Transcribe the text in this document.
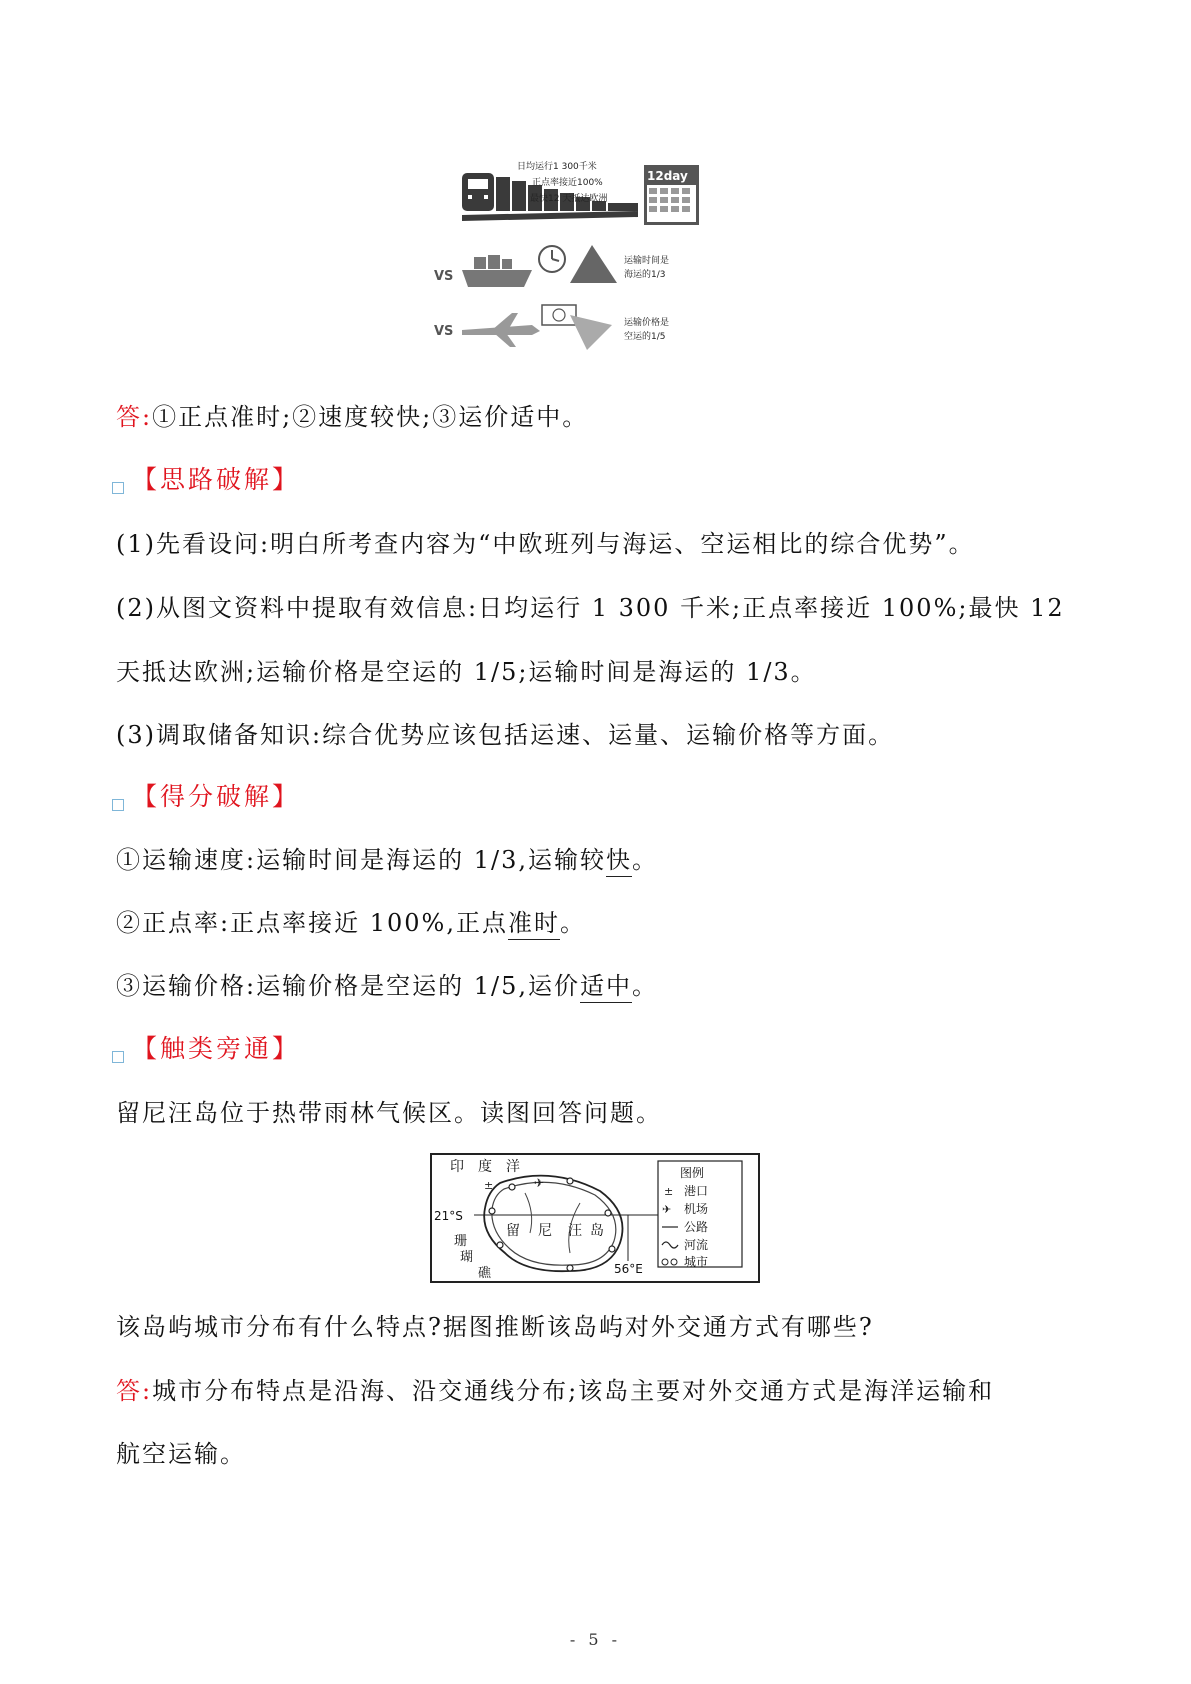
12day
日均运行1 300千米
正点率接近100%
最快12 天抵达欧洲
VS
运输时间是
海运的1/3
VS
运输价格是
空运的1/5
答:①正点准时;②速度较快;③运价适中。
【思路破解】
(1)先看设问:明白所考查内容为“中欧班列与海运、空运相比的综合优势”。
(2)从图文资料中提取有效信息:日均运行 1 300 千米;正点率接近 100%;最快 12
天抵达欧洲;运输价格是空运的 1/5;运输时间是海运的 1/3。
(3)调取储备知识:综合优势应该包括运速、运量、运输价格等方面。
【得分破解】
①运输速度:运输时间是海运的 1/3,运输较快。
②正点率:正点率接近 100%,正点准时。
③运输价格:运输价格是空运的 1/5,运价适中。
【触类旁通】
留尼汪岛位于热带雨林气候区。读图回答问题。
印　度　洋
21°S
56°E
±	✈
珊
瑚
礁
留 尼 汪 岛
图例
± 港口
✈ 机场
公路
河流
城市
该岛屿城市分布有什么特点?据图推断该岛屿对外交通方式有哪些?
答:城市分布特点是沿海、沿交通线分布;该岛主要对外交通方式是海洋运输和
航空运输。
- 5 -
